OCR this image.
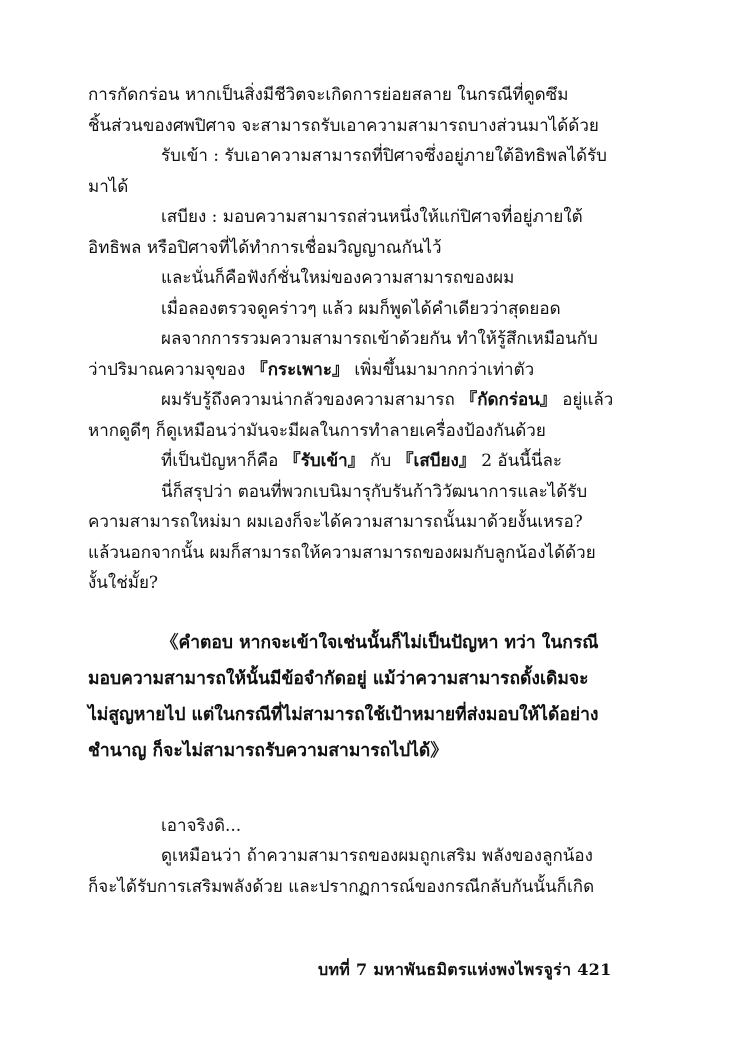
การกัดกร่อน หากเป็นสิ่งมีชีวิตจะเกิดการย่อยสลาย ในกรณีที่ดูดซึม
ชิ้นส่วนของศพปิศาจ จะสามารถรับเอาความสามารถบางส่วนมาได้ด้วย
รับเข้า : รับเอาความสามารถที่ปิศาจซึ่งอยู่ภายใต้อิทธิพลได้รับ
มาได้
เสบียง : มอบความสามารถส่วนหนึ่งให้แก่ปิศาจที่อยู่ภายใต้
อิทธิพล หรือปิศาจที่ได้ทำการเชื่อมวิญญาณกันไว้
และนั่นก็คือฟังก์ชั่นใหม่ของความสามารถของผม
เมื่อลองตรวจดูคร่าวๆ แล้ว ผมก็พูดได้คำเดียวว่าสุดยอด
ผลจากการรวมความสามารถเข้าด้วยกัน ทำให้รู้สึกเหมือนกับ
ว่าปริมาณความจุของ 『กระเพาะ』 เพิ่มขึ้นมามากกว่าเท่าตัว
ผมรับรู้ถึงความน่ากลัวของความสามารถ 『กัดกร่อน』 อยู่แล้ว
หากดูดีๆ ก็ดูเหมือนว่ามันจะมีผลในการทำลายเครื่องป้องกันด้วย
ที่เป็นปัญหาก็คือ 『รับเข้า』 กับ 『เสบียง』 2 อันนี้นี่ละ
นี่ก็สรุปว่า ตอนที่พวกเบนิมารุกับรันก้าวิวัฒนาการและได้รับ
ความสามารถใหม่มา ผมเองก็จะได้ความสามารถนั้นมาด้วยงั้นเหรอ?
แล้วนอกจากนั้น ผมก็สามารถให้ความสามารถของผมกับลูกน้องได้ด้วย
งั้นใช่มั้ย?
《คำตอบ หากจะเข้าใจเช่นนั้นก็ไม่เป็นปัญหา ทว่า ในกรณี
มอบความสามารถให้นั้นมีข้อจำกัดอยู่ แม้ว่าความสามารถดั้งเดิมจะ
ไม่สูญหายไป แต่ในกรณีที่ไม่สามารถใช้เป้าหมายที่ส่งมอบให้ได้อย่าง
ชำนาญ ก็จะไม่สามารถรับความสามารถไปได้》
เอาจริงดิ...
ดูเหมือนว่า ถ้าความสามารถของผมถูกเสริม พลังของลูกน้อง
ก็จะได้รับการเสริมพลังด้วย และปรากฏการณ์ของกรณีกลับกันนั้นก็เกิด
บทที่ 7 มหาพันธมิตรแห่งพงไพรจูร่า 421
